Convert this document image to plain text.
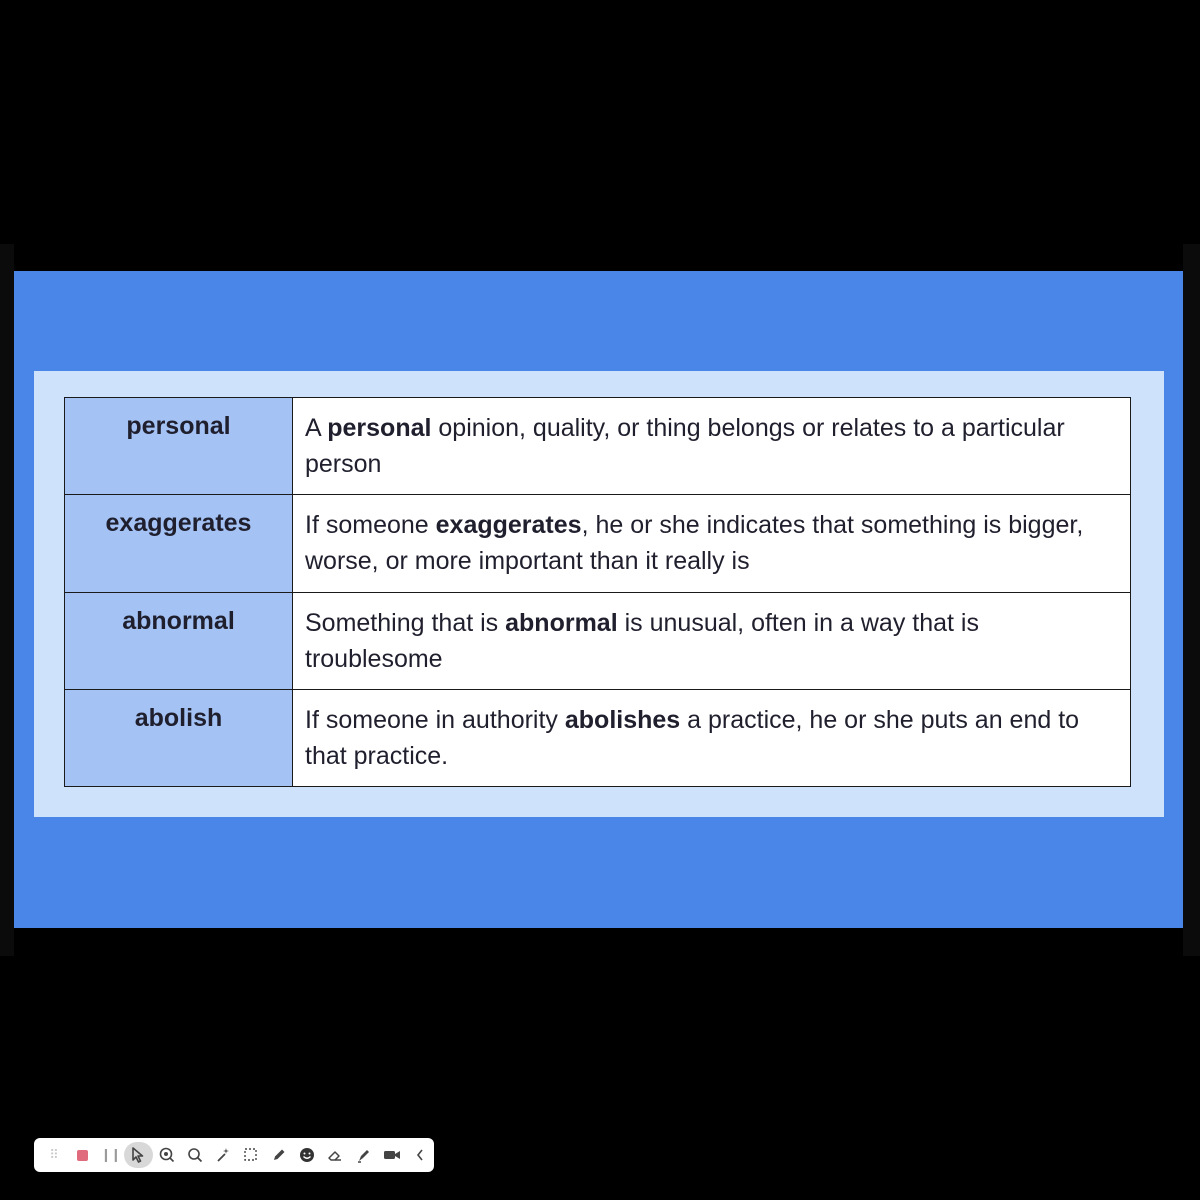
personal	A personal opinion, quality, or thing belongs or relates to a particular person
exaggerates	If someone exaggerates, he or she indicates that something is bigger, worse, or more important than it really is
abnormal	Something that is abnormal is unusual, often in a way that is troublesome
abolish	If someone in authority abolishes a practice, he or she puts an end to that practice.
⠿	❙❙
